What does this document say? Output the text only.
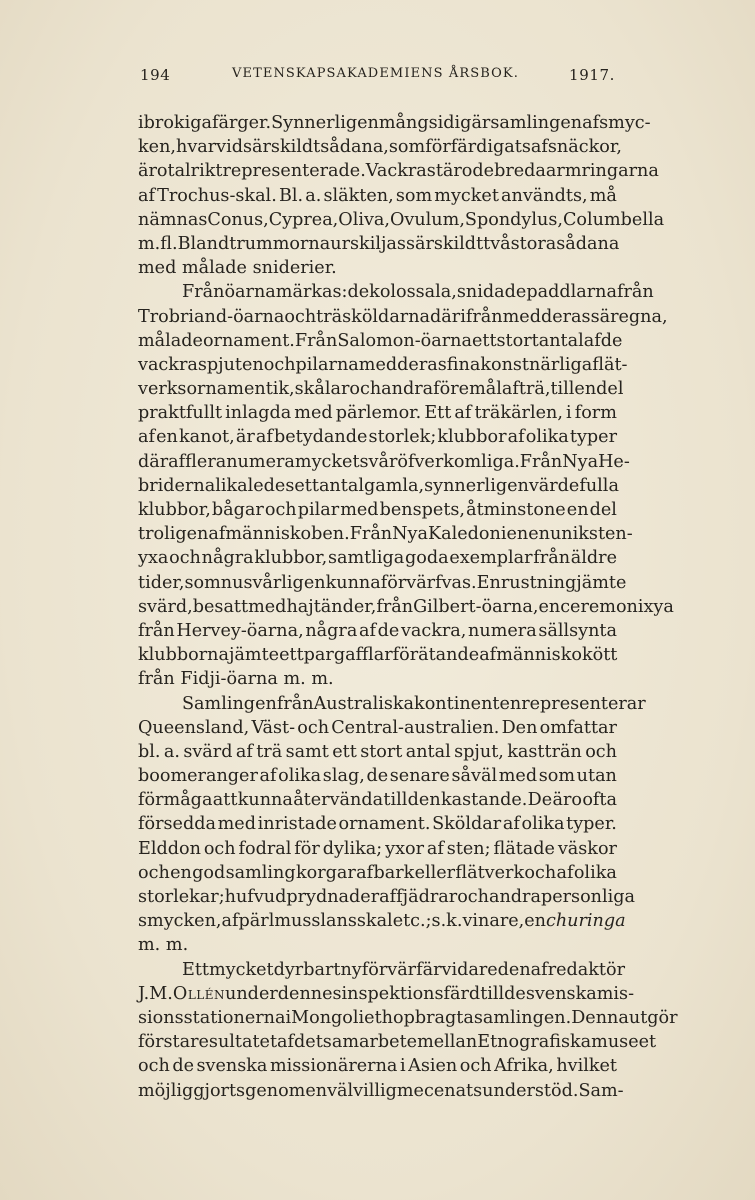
194	VETENSKAPSAKADEMIENS ÅRSBOK.	1917.
i brokiga färger. Synnerligen mångsidig är samlingen af smyc-
ken, hvarvid särskildt sådana, som förfärdigats af snäckor,
äro talrikt representerade. Vackrast äro de breda armringarna
af Trochus-skal. Bl. a. släkten, som mycket användts, må
nämnas Conus, Cyprea, Oliva, Ovulum, Spondylus, Columbella
m. fl. Bland trummorna urskiljas särskildt två stora sådana
med målade sniderier.
Från öarna märkas: de kolossala, snidade paddlarna från
Trobriand-öarna och träsköldarna därifrån med deras säregna,
målade ornament. Från Salomon-öarna ett stort antal af de
vackra spjuten och pilarna med deras fina konstnärliga flät-
verksornamentik, skålar och andra föremål af trä, till en del
praktfullt inlagda med pärlemor. Ett af träkärlen, i form
af en kanot, är af betydande storlek; klubbor af olika typer
däraf flera numera mycket svåröfverkomliga. Från Nya He-
briderna likaledes ett antal gamla, synnerligen värdefulla
klubbor, bågar och pilar med benspets, åtminstone en del
troligen af människoben. Från Nya Kaledonien en unik sten-
yxa och några klubbor, samtliga goda exemplar från äldre
tider, som nu svårligen kunna förvärfvas. En rustning jämte
svärd, besatt med hajtänder, från Gilbert-öarna, en ceremonixya
från Hervey-öarna, några af de vackra, numera sällsynta
klubborna jämte ett par gafflar för ätande af människokött
från Fidji-öarna m. m.
Samlingen från Australiska kontinenten representerar
Queensland, Väst- och Central-australien. Den omfattar
bl. a. svärd af trä samt ett stort antal spjut, kastträn och
boomeranger af olika slag, de senare såväl med som utan
förmåga att kunna återvända till den kastande. De äro ofta
försedda med inristade ornament. Sköldar af olika typer.
Elddon och fodral för dylika; yxor af sten; flätade väskor
och en god samling korgar af bark eller flätverk och af olika
storlekar; hufvudprydnader af fjädrar och andra personliga
smycken, af pärlmusslans skal etc.; s. k. vinare, en churinga
m. m.
Ett mycket dyrbart nyförvärf är vidare den af redaktör
J. M. Ollén under dennes inspektionsfärd till de svenska mis-
sionsstationerna i Mongoliet hopbragta samlingen. Denna utgör
första resultatet af det samarbete mellan Etnografiska museet
och de svenska missionärerna i Asien och Afrika, hvilket
möjliggjorts genom en välvillig mecenats understöd. Sam-
